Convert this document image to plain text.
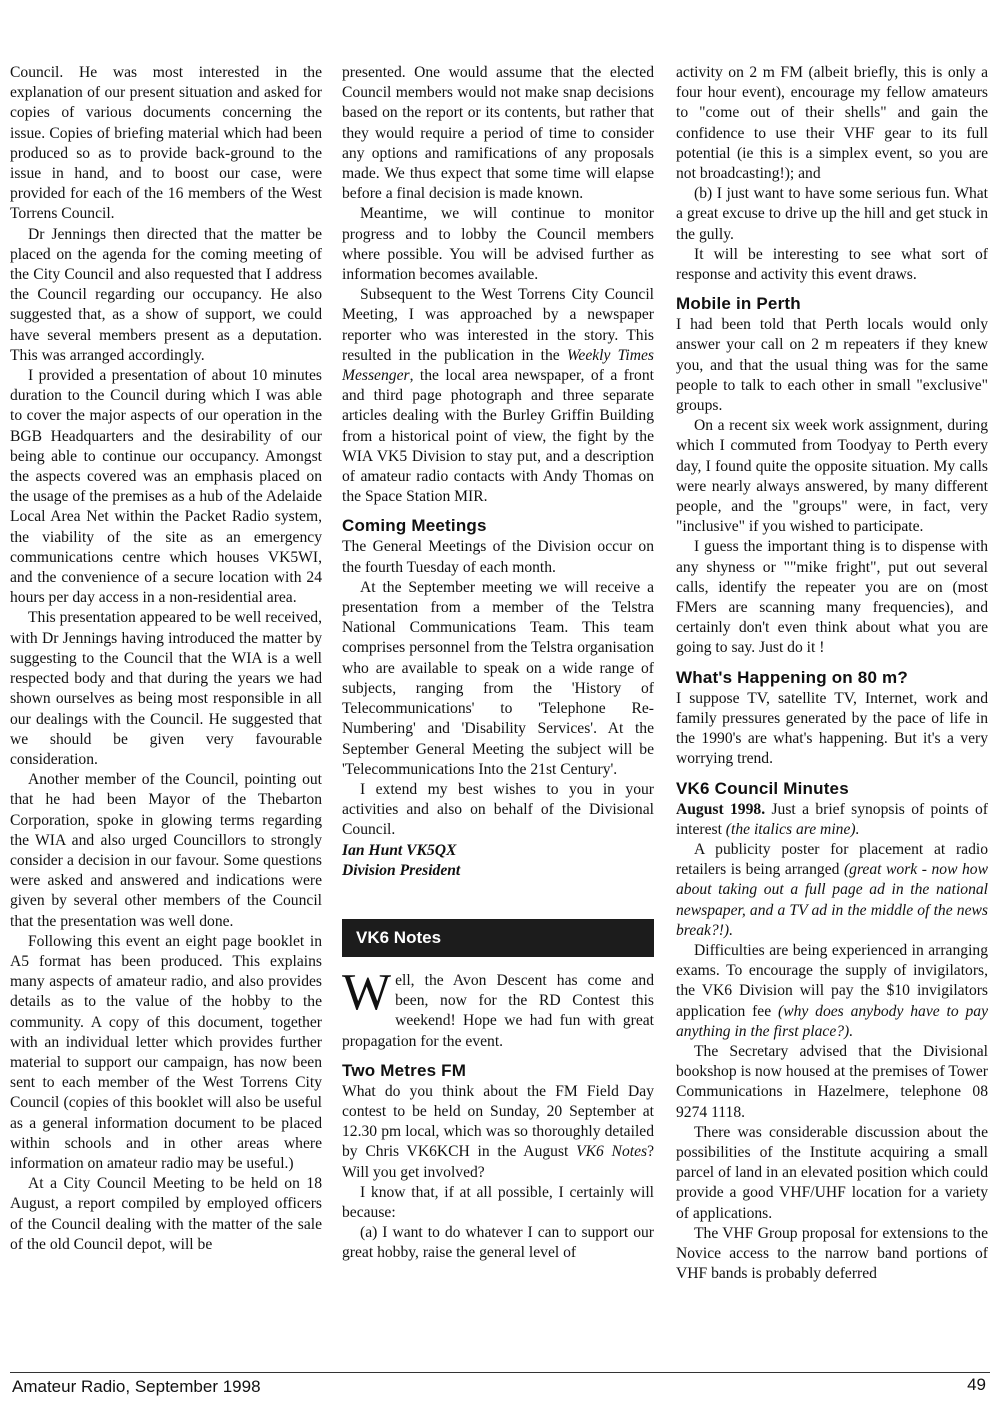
Council. He was most interested in the explanation of our present situation and asked for copies of various documents concerning the issue. Copies of briefing material which had been produced so as to provide back-ground to the issue in hand, and to boost our case, were provided for each of the 16 members of the West Torrens Council.

Dr Jennings then directed that the matter be placed on the agenda for the coming meeting of the City Council and also requested that I address the Council regarding our occupancy. He also suggested that, as a show of support, we could have several members present as a deputation. This was arranged accordingly.

I provided a presentation of about 10 minutes duration to the Council during which I was able to cover the major aspects of our operation in the BGB Headquarters and the desirability of our being able to continue our occupancy. Amongst the aspects covered was an emphasis placed on the usage of the premises as a hub of the Adelaide Local Area Net within the Packet Radio system, the viability of the site as an emergency communications centre which houses VK5WI, and the convenience of a secure location with 24 hours per day access in a non-residential area.

This presentation appeared to be well received, with Dr Jennings having introduced the matter by suggesting to the Council that the WIA is a well respected body and that during the years we had shown ourselves as being most responsible in all our dealings with the Council. He suggested that we should be given very favourable consideration.

Another member of the Council, pointing out that he had been Mayor of the Thebarton Corporation, spoke in glowing terms regarding the WIA and also urged Councillors to strongly consider a decision in our favour. Some questions were asked and answered and indications were given by several other members of the Council that the presentation was well done.

Following this event an eight page booklet in A5 format has been produced. This explains many aspects of amateur radio, and also provides details as to the value of the hobby to the community. A copy of this document, together with an individual letter which provides further material to support our campaign, has now been sent to each member of the West Torrens City Council (copies of this booklet will also be useful as a general information document to be placed within schools and in other areas where information on amateur radio may be useful.)

At a City Council Meeting to be held on 18 August, a report compiled by employed officers of the Council dealing with the matter of the sale of the old Council depot, will be

presented. One would assume that the elected Council members would not make snap decisions based on the report or its contents, but rather that they would require a period of time to consider any options and ramifications of any proposals made. We thus expect that some time will elapse before a final decision is made known.

Meantime, we will continue to monitor progress and to lobby the Council members where possible. You will be advised further as information becomes available.

Subsequent to the West Torrens City Council Meeting, I was approached by a newspaper reporter who was interested in the story. This resulted in the publication in the Weekly Times Messenger, the local area newspaper, of a front and third page photograph and three separate articles dealing with the Burley Griffin Building from a historical point of view, the fight by the WIA VK5 Division to stay put, and a description of amateur radio contacts with Andy Thomas on the Space Station MIR.

Coming Meetings

The General Meetings of the Division occur on the fourth Tuesday of each month.

At the September meeting we will receive a presentation from a member of the Telstra National Communications Team. This team comprises personnel from the Telstra organisation who are available to speak on a wide range of subjects, ranging from the 'History of Telecommunications' to 'Telephone Re-Numbering' and 'Disability Services'. At the September General Meeting the subject will be 'Telecommunications Into the 21st Century'.

I extend my best wishes to you in your activities and also on behalf of the Divisional Council.

Ian Hunt VK5QX

Division President

VK6 Notes

Well, the Avon Descent has come and been, now for the RD Contest this weekend! Hope we had fun with great propagation for the event.

Two Metres FM

What do you think about the FM Field Day contest to be held on Sunday, 20 September at 12.30 pm local, which was so thoroughly detailed by Chris VK6KCH in the August VK6 Notes? Will you get involved?

I know that, if at all possible, I certainly will because:

(a) I want to do whatever I can to support our great hobby, raise the general level of

activity on 2 m FM (albeit briefly, this is only a four hour event), encourage my fellow amateurs to "come out of their shells" and gain the confidence to use their VHF gear to its full potential (ie this is a simplex event, so you are not broadcasting!); and

(b) I just want to have some serious fun. What a great excuse to drive up the hill and get stuck in the gully.

It will be interesting to see what sort of response and activity this event draws.

Mobile in Perth

I had been told that Perth locals would only answer your call on 2 m repeaters if they knew you, and that the usual thing was for the same people to talk to each other in small "exclusive" groups.

On a recent six week work assignment, during which I commuted from Toodyay to Perth every day, I found quite the opposite situation. My calls were nearly always answered, by many different people, and the "groups" were, in fact, very "inclusive" if you wished to participate.

I guess the important thing is to dispense with any shyness or ""mike fright", put out several calls, identify the repeater you are on (most FMers are scanning many frequencies), and certainly don't even think about what you are going to say. Just do it !

What's Happening on 80 m?

I suppose TV, satellite TV, Internet, work and family pressures generated by the pace of life in the 1990's are what's happening. But it's a very worrying trend.

VK6 Council Minutes

August 1998. Just a brief synopsis of points of interest (the italics are mine).

A publicity poster for placement at radio retailers is being arranged (great work - now how about taking out a full page ad in the national newspaper, and a TV ad in the middle of the news break?!).

Difficulties are being experienced in arranging exams. To encourage the supply of invigilators, the VK6 Division will pay the $10 invigilators application fee (why does anybody have to pay anything in the first place?).

The Secretary advised that the Divisional bookshop is now housed at the premises of Tower Communications in Hazelmere, telephone 08 9274 1118.

There was considerable discussion about the possibilities of the Institute acquiring a small parcel of land in an elevated position which could provide a good VHF/UHF location for a variety of applications.

The VHF Group proposal for extensions to the Novice access to the narrow band portions of VHF bands is probably deferred

Amateur Radio, September 1998	49
